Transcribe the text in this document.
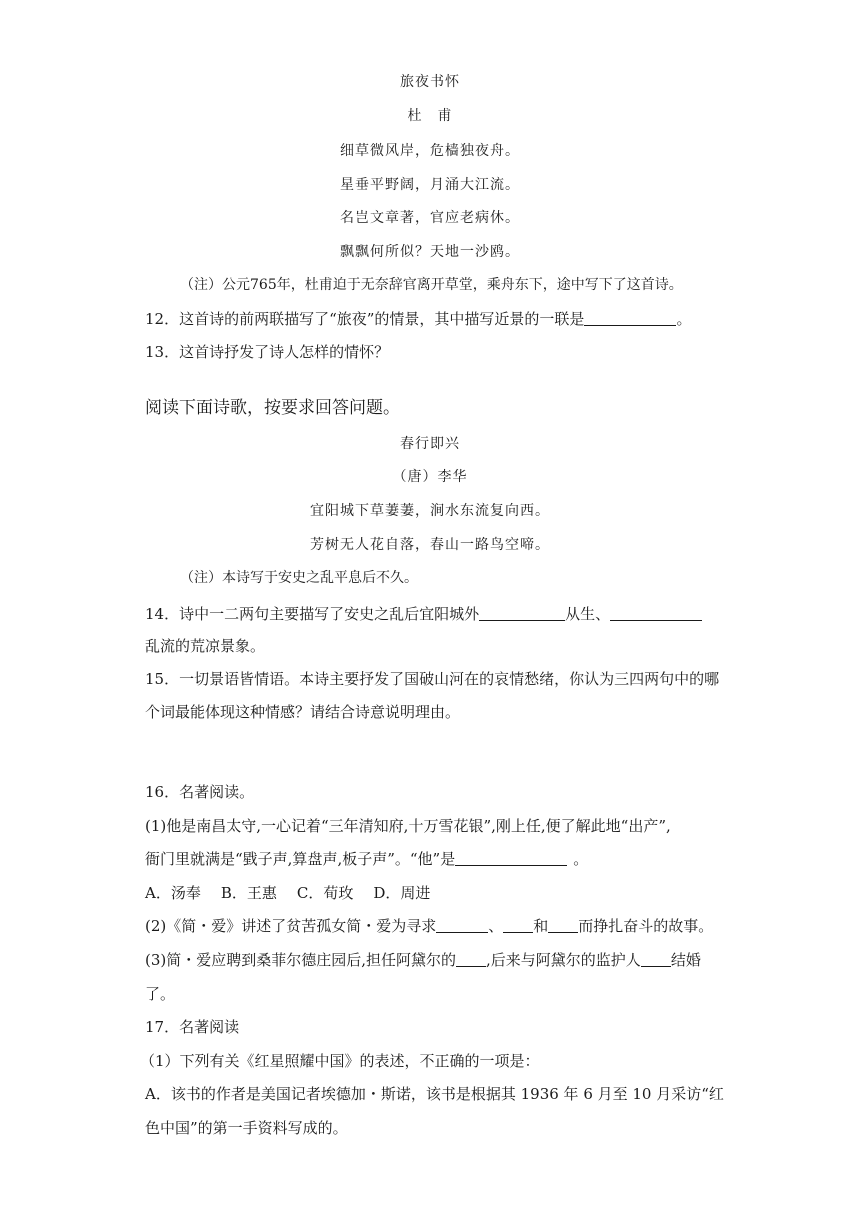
旅夜书怀
杜　甫
细草微风岸，危樯独夜舟。
星垂平野阔，月涌大江流。
名岂文章著，官应老病休。
飘飘何所似？天地一沙鸥。
（注）公元765年，杜甫迫于无奈辞官离开草堂，乘舟东下，途中写下了这首诗。
12．这首诗的前两联描写了“旅夜”的情景，其中描写近景的一联是	。
13．这首诗抒发了诗人怎样的情怀？
阅读下面诗歌，按要求回答问题。
春行即兴
（唐）李华
宜阳城下草萋萋，涧水东流复向西。
芳树无人花自落，春山一路鸟空啼。
（注）本诗写于安史之乱平息后不久。
14．诗中一二两句主要描写了安史之乱后宜阳城外	从生、
乱流的荒凉景象。
15．一切景语皆情语。本诗主要抒发了国破山河在的哀情愁绪，你认为三四两句中的哪
个词最能体现这种情感？请结合诗意说明理由。
16．名著阅读。
(1)他是南昌太守,一心记着“三年清知府,十万雪花银”,刚上任,便了解此地“出产”,
衙门里就满是“戥子声,算盘声,板子声”。“他”是	。
A．汤奉 B．王惠 C．荀玫 D．周进
(2)《简・爱》讲述了贫苦孤女简・爱为寻求	、 和 而挣扎奋斗的故事。
(3)简・爱应聘到桑菲尔德庄园后,担任阿黛尔的 ,后来与阿黛尔的监护人 结婚
了。
17．名著阅读
（1）下列有关《红星照耀中国》的表述，不正确的一项是：
A．该书的作者是美国记者埃德加・斯诺，该书是根据其 1936 年 6 月至 10 月采访“红
色中国”的第一手资料写成的。
